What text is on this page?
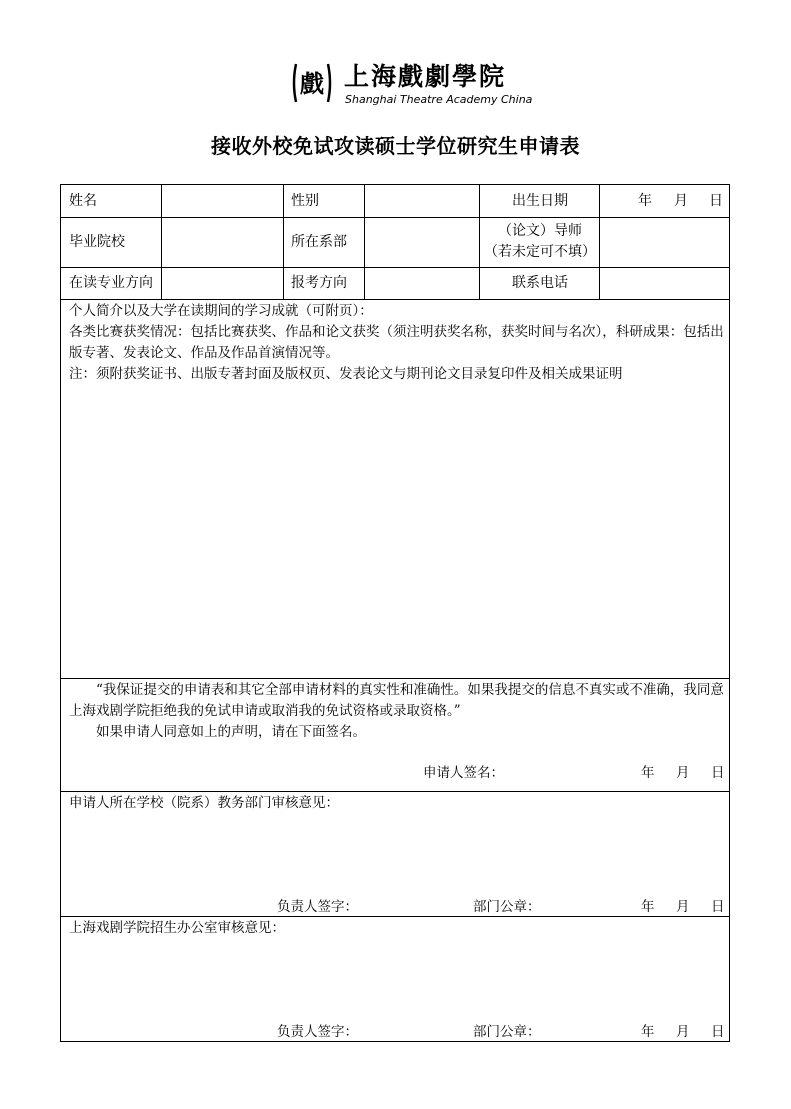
戲 上海戲劇學院
Shanghai Theatre Academy China
接收外校免试攻读硕士学位研究生申请表
姓名	性别	出生日期	年 月 日
毕业院校	所在系部
（论文）导师
（若未定可不填）
在读专业方向	报考方向	联系电话
个人简介以及大学在读期间的学习成就（可附页）：
各类比赛获奖情况：包括比赛获奖、作品和论文获奖（须注明获奖名称，获奖时间与名次），科研成果：包括出版专著、发表论文、作品及作品首演情况等。
注：须附获奖证书、出版专著封面及版权页、发表论文与期刊论文目录复印件及相关成果证明
“我保证提交的申请表和其它全部申请材料的真实性和准确性。如果我提交的信息不真实或不准确，我同意上海戏剧学院拒绝我的免试申请或取消我的免试资格或录取资格。”
如果申请人同意如上的声明，请在下面签名。
申请人签名：	年 月 日
申请人所在学校（院系）教务部门审核意见：
负责人签字：	部门公章：	年 月 日
上海戏剧学院招生办公室审核意见：
负责人签字：	部门公章：	年 月 日
